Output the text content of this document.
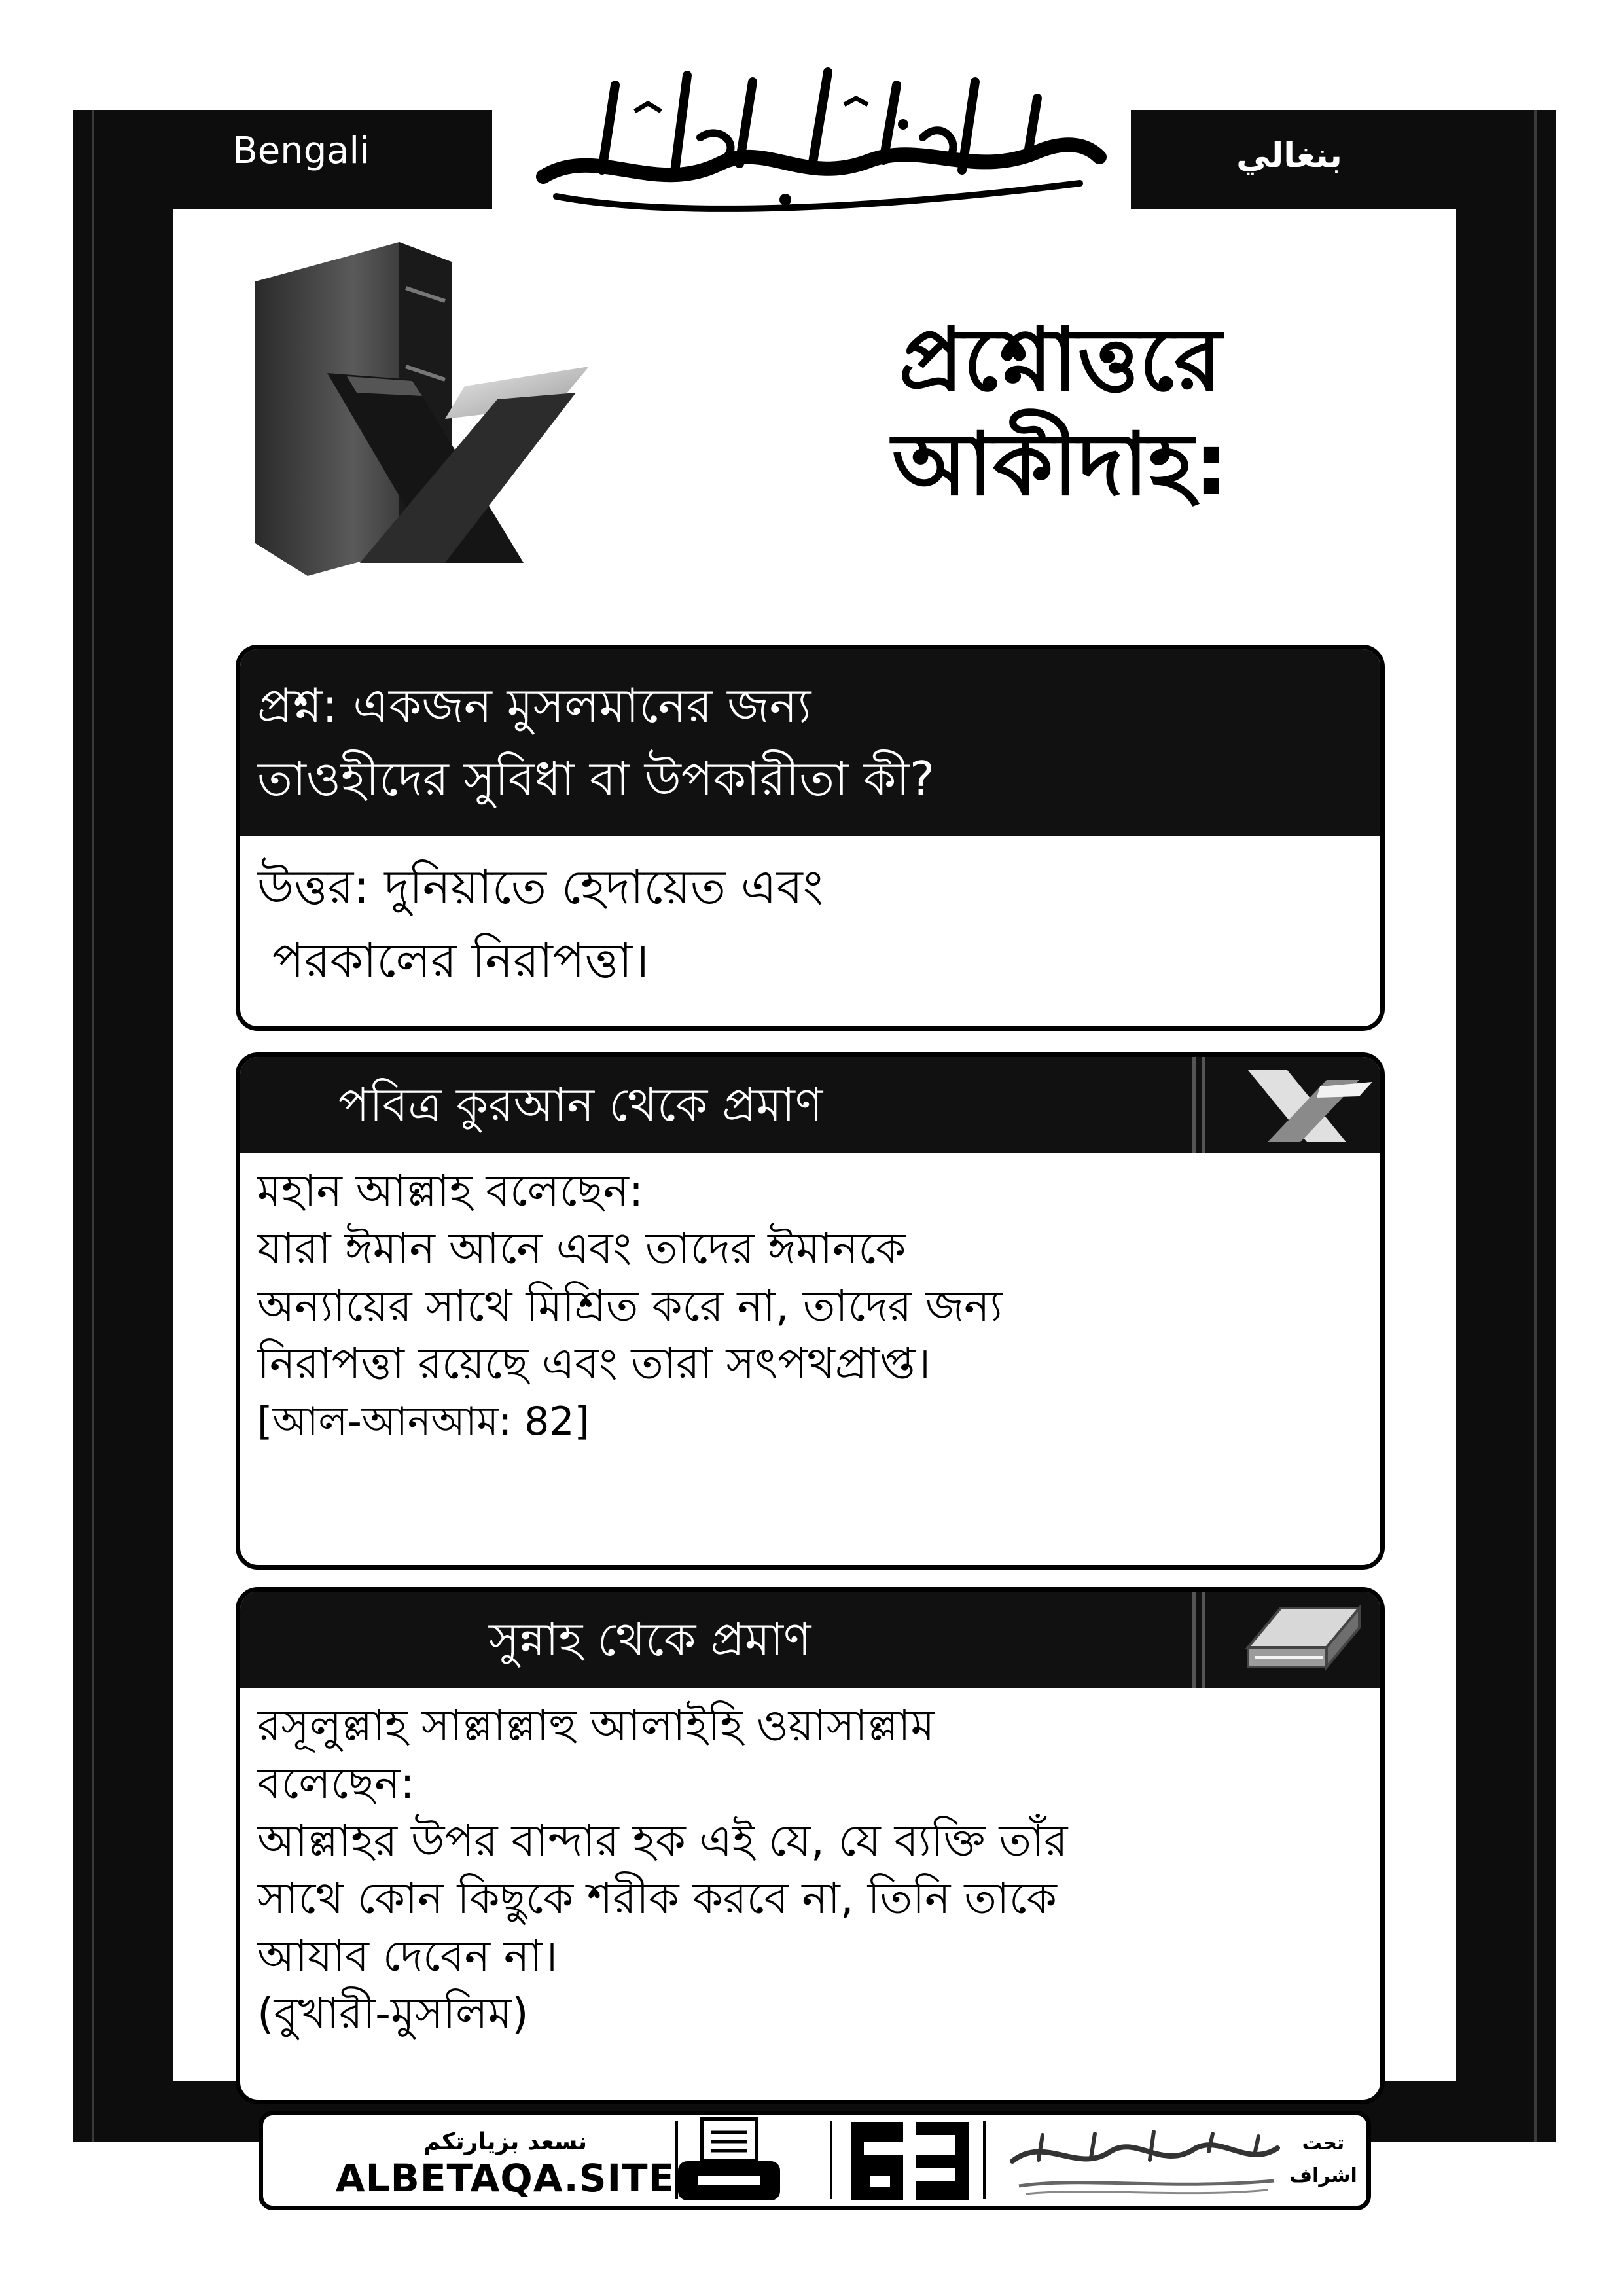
Bengali	بنغالي
প্রশ্নোত্তরে
আকীদাহ:
প্রশ্ন: একজন মুসলমানের জন্য
তাওহীদের সুবিধা বা উপকারীতা কী?
উত্তর: দুনিয়াতে হেদায়েত এবং
পরকালের নিরাপত্তা।
পবিত্র কুরআন থেকে প্রমাণ
মহান আল্লাহ বলেছেন:
যারা ঈমান আনে এবং তাদের ঈমানকে
অন্যায়ের সাথে মিশ্রিত করে না, তাদের জন্য
নিরাপত্তা রয়েছে এবং তারা সৎপথপ্রাপ্ত।
[আল-আনআম: 82]
সুন্নাহ থেকে প্রমাণ
রসূলুল্লাহ সাল্লাল্লাহু আলাইহি ওয়াসাল্লাম
বলেছেন:
আল্লাহর উপর বান্দার হক এই যে, যে ব্যক্তি তাঁর
সাথে কোন কিছুকে শরীক করবে না, তিনি তাকে
আযাব দেবেন না।
(বুখারী-মুসলিম)
نسعد بزيارتكم
ALBETAQA.SITE
تحت
اشراف
